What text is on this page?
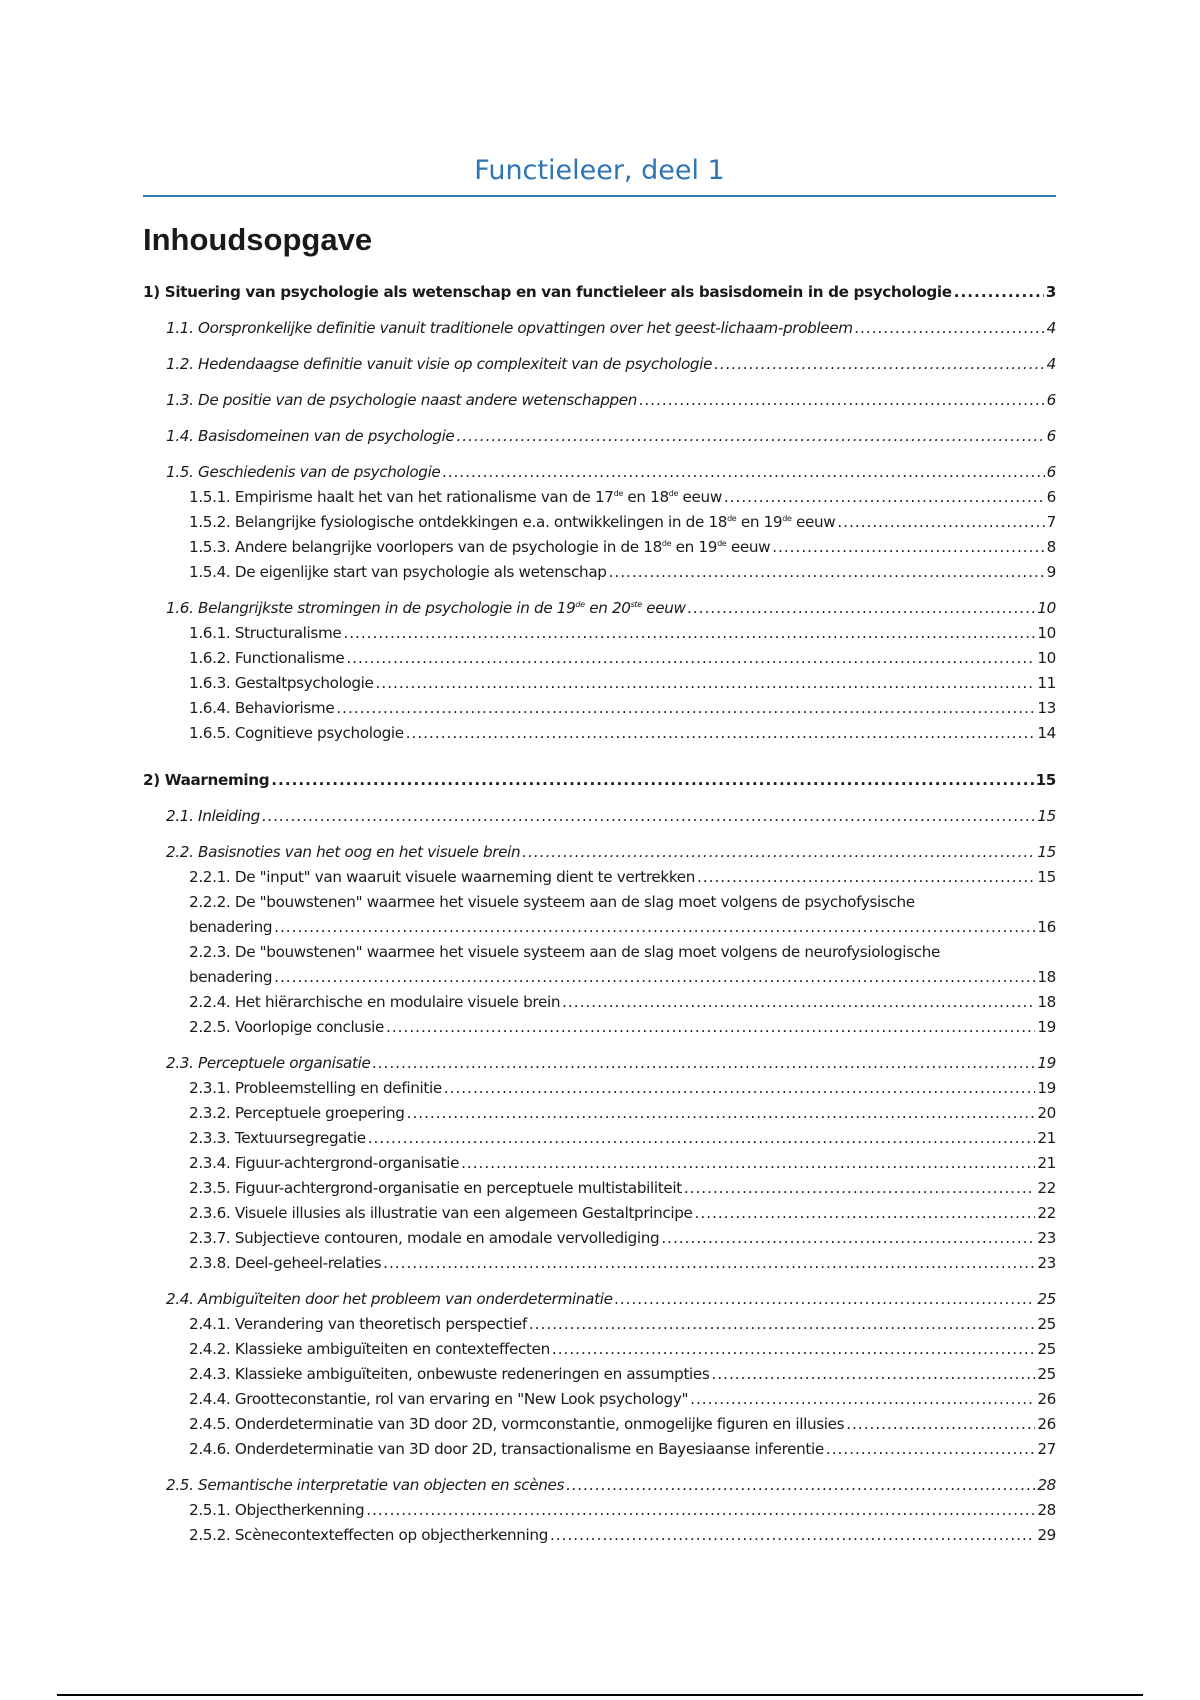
Functieleer, deel 1
Inhoudsopgave
1) Situering van psychologie als wetenschap en van functieleer als basisdomein in de psychologie .....	3
1.1. Oorspronkelijke definitie vanuit traditionele opvattingen over het geest-lichaam-probleem .....	4
1.2. Hedendaagse definitie vanuit visie op complexiteit van de psychologie .....	4
1.3. De positie van de psychologie naast andere wetenschappen .....	6
1.4. Basisdomeinen van de psychologie .....	6
1.5. Geschiedenis van de psychologie .....	6
1.5.1. Empirisme haalt het van het rationalisme van de 17de en 18de eeuw .....	6
1.5.2. Belangrijke fysiologische ontdekkingen e.a. ontwikkelingen in de 18de en 19de eeuw .....	7
1.5.3. Andere belangrijke voorlopers van de psychologie in de 18de en 19de eeuw .....	8
1.5.4. De eigenlijke start van psychologie als wetenschap .....	9
1.6. Belangrijkste stromingen in de psychologie in de 19de en 20ste eeuw .....	10
1.6.1. Structuralisme .....	10
1.6.2. Functionalisme .....	10
1.6.3. Gestaltpsychologie .....	11
1.6.4. Behaviorisme .....	13
1.6.5. Cognitieve psychologie .....	14
2) Waarneming .....	15
2.1. Inleiding .....	15
2.2. Basisnoties van het oog en het visuele brein .....	15
2.2.1. De "input" van waaruit visuele waarneming dient te vertrekken .....	15
2.2.2. De "bouwstenen" waarmee het visuele systeem aan de slag moet volgens de psychofysische
benadering .....	16
2.2.3. De "bouwstenen" waarmee het visuele systeem aan de slag moet volgens de neurofysiologische
benadering .....	18
2.2.4. Het hiërarchische en modulaire visuele brein .....	18
2.2.5. Voorlopige conclusie .....	19
2.3. Perceptuele organisatie .....	19
2.3.1. Probleemstelling en definitie .....	19
2.3.2. Perceptuele groepering .....	20
2.3.3. Textuursegregatie .....	21
2.3.4. Figuur-achtergrond-organisatie .....	21
2.3.5. Figuur-achtergrond-organisatie en perceptuele multistabiliteit .....	22
2.3.6. Visuele illusies als illustratie van een algemeen Gestaltprincipe .....	22
2.3.7. Subjectieve contouren, modale en amodale vervollediging .....	23
2.3.8. Deel-geheel-relaties .....	23
2.4. Ambiguïteiten door het probleem van onderdeterminatie .....	25
2.4.1. Verandering van theoretisch perspectief .....	25
2.4.2. Klassieke ambiguïteiten en contexteffecten .....	25
2.4.3. Klassieke ambiguïteiten, onbewuste redeneringen en assumpties .....	25
2.4.4. Grootteconstantie, rol van ervaring en "New Look psychology" .....	26
2.4.5. Onderdeterminatie van 3D door 2D, vormconstantie, onmogelijke figuren en illusies .....	26
2.4.6. Onderdeterminatie van 3D door 2D, transactionalisme en Bayesiaanse inferentie .....	27
2.5. Semantische interpretatie van objecten en scènes .....	28
2.5.1. Objectherkenning .....	28
2.5.2. Scènecontexteffecten op objectherkenning .....	29
